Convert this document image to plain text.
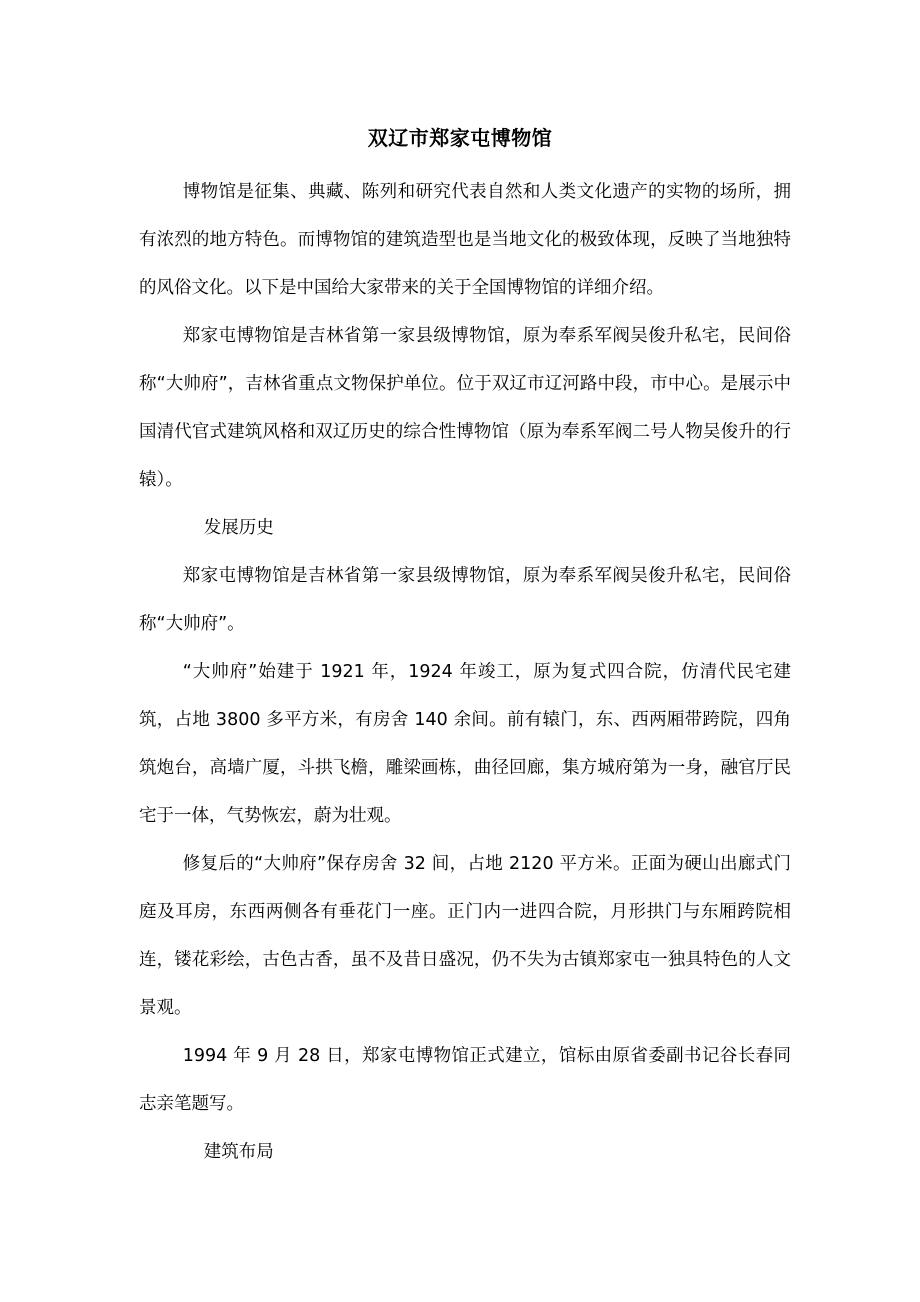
双辽市郑家屯博物馆

博物馆是征集、典藏、陈列和研究代表自然和人类文化遗产的实物的场所，拥有浓烈的地方特色。而博物馆的建筑造型也是当地文化的极致体现，反映了当地独特的风俗文化。以下是中国给大家带来的关于全国博物馆的详细介绍。

郑家屯博物馆是吉林省第一家县级博物馆，原为奉系军阀吴俊升私宅，民间俗称“大帅府”，吉林省重点文物保护单位。位于双辽市辽河路中段，市中心。是展示中国清代官式建筑风格和双辽历史的综合性博物馆（原为奉系军阀二号人物吴俊升的行辕）。

发展历史

郑家屯博物馆是吉林省第一家县级博物馆，原为奉系军阀吴俊升私宅，民间俗称“大帅府”。

“大帅府”始建于 1921 年，1924 年竣工，原为复式四合院，仿清代民宅建筑，占地 3800 多平方米，有房舍 140 余间。前有辕门，东、西两厢带跨院，四角筑炮台，高墙广厦，斗拱飞檐，雕梁画栋，曲径回廊，集方城府第为一身，融官厅民宅于一体，气势恢宏，蔚为壮观。

修复后的“大帅府”保存房舍 32 间，占地 2120 平方米。正面为硬山出廊式门庭及耳房，东西两侧各有垂花门一座。正门内一进四合院，月形拱门与东厢跨院相连，镂花彩绘，古色古香，虽不及昔日盛况，仍不失为古镇郑家屯一独具特色的人文景观。

1994 年 9 月 28 日，郑家屯博物馆正式建立，馆标由原省委副书记谷长春同志亲笔题写。

建筑布局
